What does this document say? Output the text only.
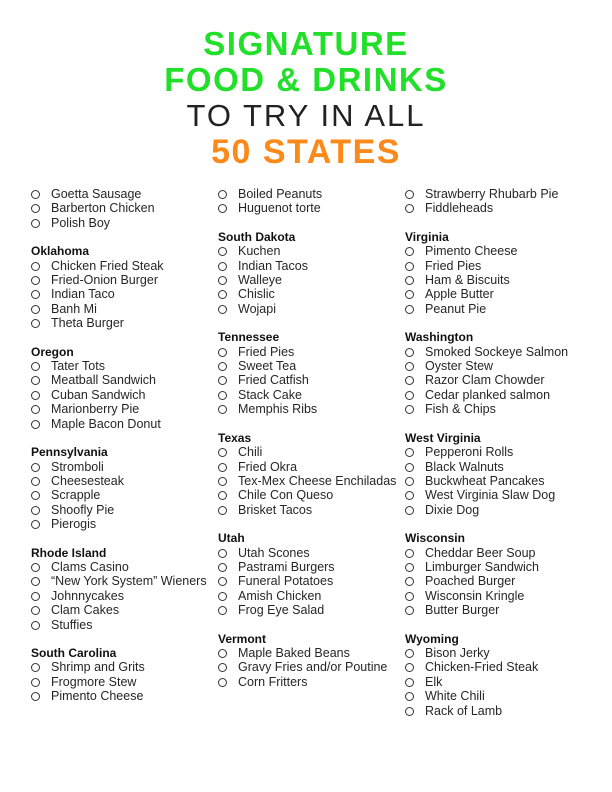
SIGNATURE
FOOD & DRINKS
TO TRY IN ALL
50 STATES
Goetta Sausage
Barberton Chicken
Polish Boy
Oklahoma
Chicken Fried Steak
Fried-Onion Burger
Indian Taco
Banh Mi
Theta Burger
Oregon
Tater Tots
Meatball Sandwich
Cuban Sandwich
Marionberry Pie
Maple Bacon Donut
Pennsylvania
Stromboli
Cheesesteak
Scrapple
Shoofly Pie
Pierogis
Rhode Island
Clams Casino
“New York System” Wieners
Johnnycakes
Clam Cakes
Stuffies
South Carolina
Shrimp and Grits
Frogmore Stew
Pimento Cheese
Boiled Peanuts
Huguenot torte
South Dakota
Kuchen
Indian Tacos
Walleye
Chislic
Wojapi
Tennessee
Fried Pies
Sweet Tea
Fried Catfish
Stack Cake
Memphis Ribs
Texas
Chili
Fried Okra
Tex-Mex Cheese Enchiladas
Chile Con Queso
Brisket Tacos
Utah
Utah Scones
Pastrami Burgers
Funeral Potatoes
Amish Chicken
Frog Eye Salad
Vermont
Maple Baked Beans
Gravy Fries and/or Poutine
Corn Fritters
Strawberry Rhubarb Pie
Fiddleheads
Virginia
Pimento Cheese
Fried Pies
Ham & Biscuits
Apple Butter
Peanut Pie
Washington
Smoked Sockeye Salmon
Oyster Stew
Razor Clam Chowder
Cedar planked salmon
Fish & Chips
West Virginia
Pepperoni Rolls
Black Walnuts
Buckwheat Pancakes
West Virginia Slaw Dog
Dixie Dog
Wisconsin
Cheddar Beer Soup
Limburger Sandwich
Poached Burger
Wisconsin Kringle
Butter Burger
Wyoming
Bison Jerky
Chicken-Fried Steak
Elk
White Chili
Rack of Lamb
